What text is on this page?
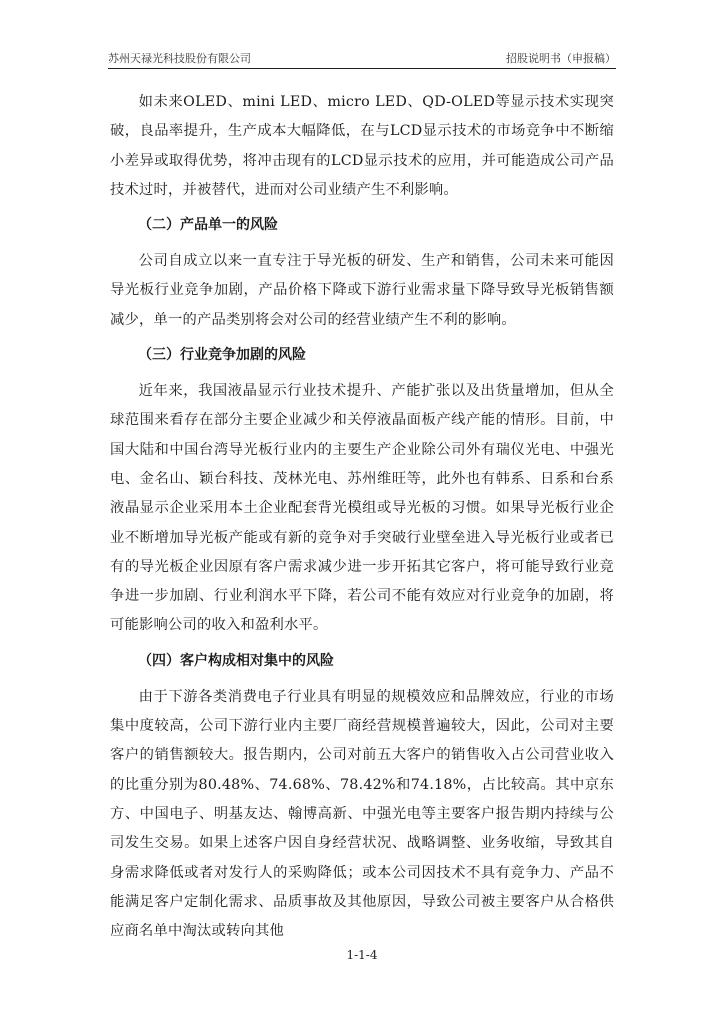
苏州天禄光科技股份有限公司	招股说明书（申报稿）

如未来OLED、mini LED、micro LED、QD-OLED等显示技术实现突破，良品率提升，生产成本大幅降低，在与LCD显示技术的市场竞争中不断缩小差异或取得优势，将冲击现有的LCD显示技术的应用，并可能造成公司产品技术过时，并被替代，进而对公司业绩产生不利影响。

（二）产品单一的风险

公司自成立以来一直专注于导光板的研发、生产和销售，公司未来可能因导光板行业竞争加剧，产品价格下降或下游行业需求量下降导致导光板销售额减少，单一的产品类别将会对公司的经营业绩产生不利的影响。

（三）行业竞争加剧的风险

近年来，我国液晶显示行业技术提升、产能扩张以及出货量增加，但从全球范围来看存在部分主要企业减少和关停液晶面板产线产能的情形。目前，中国大陆和中国台湾导光板行业内的主要生产企业除公司外有瑞仪光电、中强光电、金名山、颖台科技、茂林光电、苏州维旺等，此外也有韩系、日系和台系液晶显示企业采用本土企业配套背光模组或导光板的习惯。如果导光板行业企业不断增加导光板产能或有新的竞争对手突破行业壁垒进入导光板行业或者已有的导光板企业因原有客户需求减少进一步开拓其它客户，将可能导致行业竞争进一步加剧、行业利润水平下降，若公司不能有效应对行业竞争的加剧，将可能影响公司的收入和盈利水平。

（四）客户构成相对集中的风险

由于下游各类消费电子行业具有明显的规模效应和品牌效应，行业的市场集中度较高，公司下游行业内主要厂商经营规模普遍较大，因此，公司对主要客户的销售额较大。报告期内，公司对前五大客户的销售收入占公司营业收入的比重分别为80.48%、74.68%、78.42%和74.18%，占比较高。其中京东方、中国电子、明基友达、翰博高新、中强光电等主要客户报告期内持续与公司发生交易。如果上述客户因自身经营状况、战略调整、业务收缩，导致其自身需求降低或者对发行人的采购降低；或本公司因技术不具有竞争力、产品不能满足客户定制化需求、品质事故及其他原因，导致公司被主要客户从合格供应商名单中淘汰或转向其他

1-1-4
